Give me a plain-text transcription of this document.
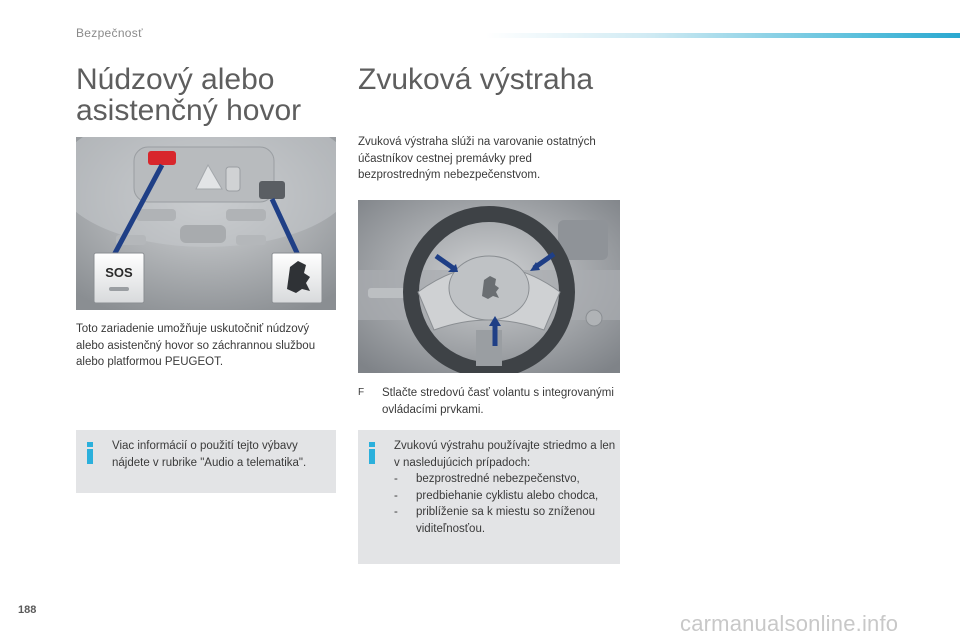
Bezpečnosť
Núdzový alebo asistenčný hovor
SOS
Toto zariadenie umožňuje uskutočniť núdzový alebo asistenčný hovor so záchrannou službou alebo platformou PEUGEOT.
Viac informácií o použití tejto výbavy nájdete v rubrike "Audio a telematika".
Zvuková výstraha
Zvuková výstraha slúži na varovanie ostatných účastníkov cestnej premávky pred bezprostredným nebezpečenstvom.
F	Stlačte stredovú časť volantu s integrovanými ovládacími prvkami.
Zvukovú výstrahu používajte striedmo a len v nasledujúcich prípadoch:
- bezprostredné nebezpečenstvo,
- predbiehanie cyklistu alebo chodca,
- priblíženie sa k miestu so zníženou viditeľnosťou.
188
carmanualsonline.info
